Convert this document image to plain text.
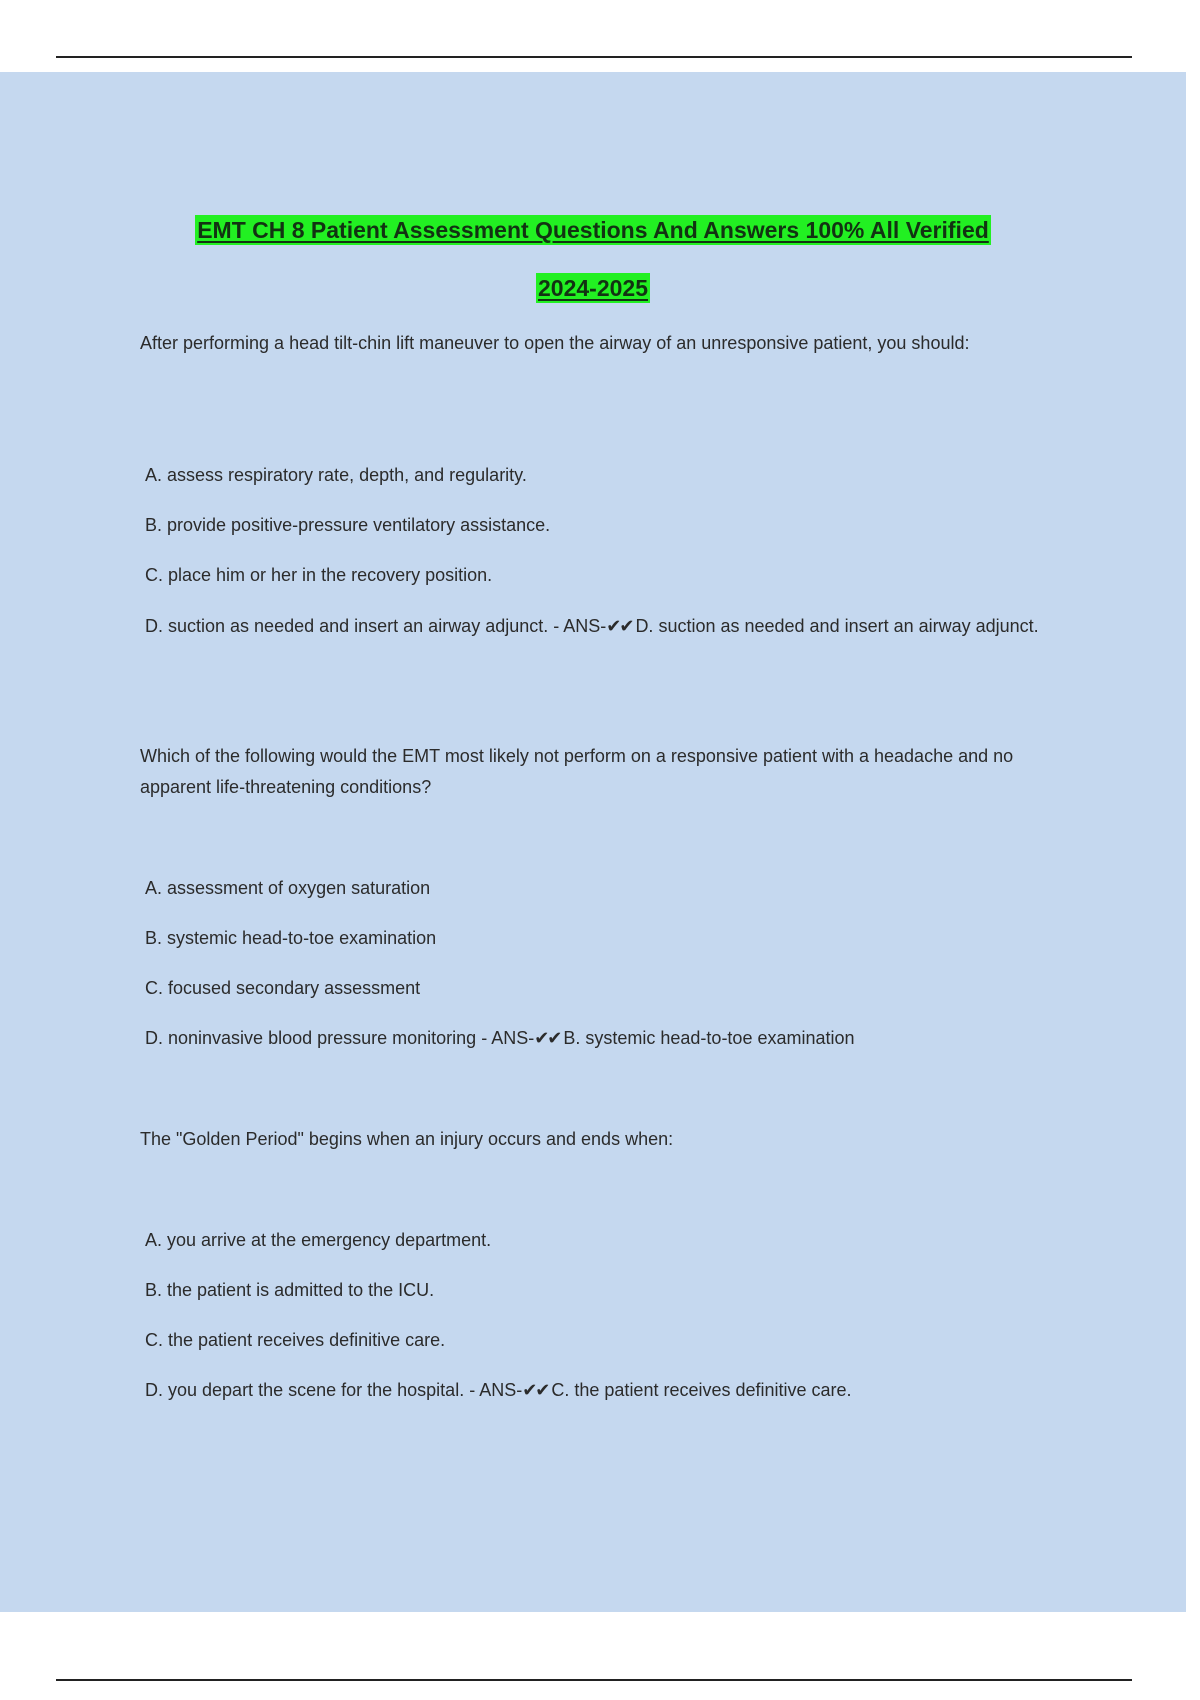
EMT CH 8 Patient Assessment Questions And Answers 100% All Verified
2024-2025
After performing a head tilt-chin lift maneuver to open the airway of an unresponsive patient, you should:
A. assess respiratory rate, depth, and regularity.
B. provide positive-pressure ventilatory assistance.
C. place him or her in the recovery position.
D. suction as needed and insert an airway adjunct. - ANS-✔✔ D. suction as needed and insert an airway adjunct.
Which of the following would the EMT most likely not perform on a responsive patient with a headache and no apparent life-threatening conditions?
A. assessment of oxygen saturation
B. systemic head-to-toe examination
C. focused secondary assessment
D. noninvasive blood pressure monitoring - ANS-✔✔ B. systemic head-to-toe examination
The "Golden Period" begins when an injury occurs and ends when:
A. you arrive at the emergency department.
B. the patient is admitted to the ICU.
C. the patient receives definitive care.
D. you depart the scene for the hospital. - ANS-✔✔ C. the patient receives definitive care.
